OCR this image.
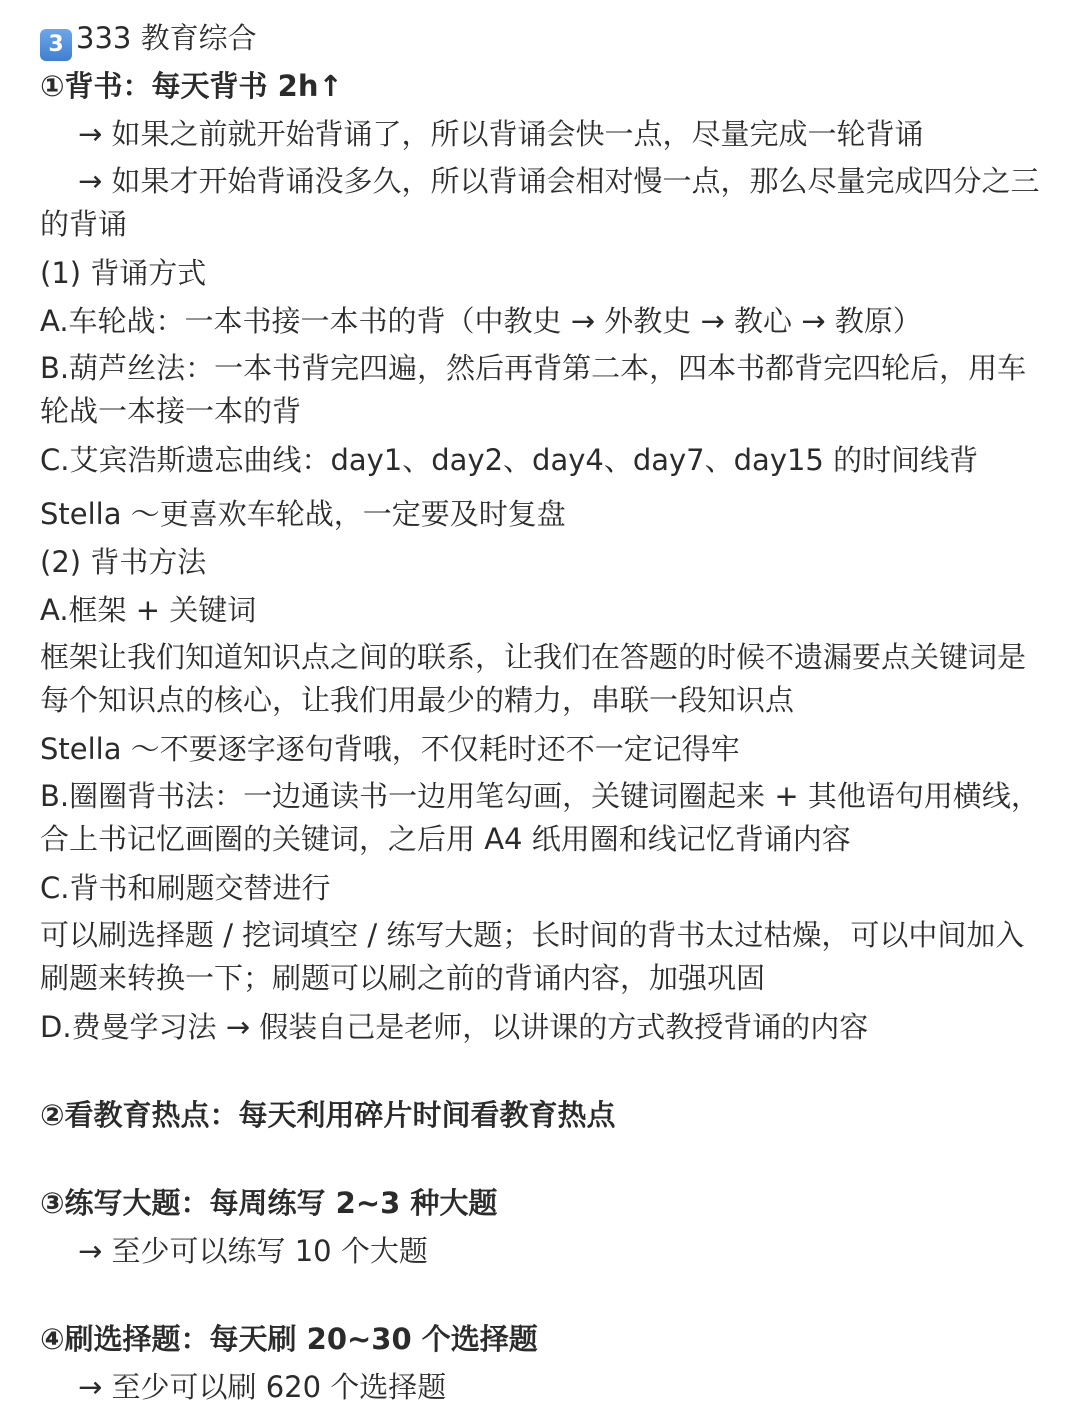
3 333 教育综合
①背书：每天背书 2h↑
→ 如果之前就开始背诵了，所以背诵会快一点，尽量完成一轮背诵
→ 如果才开始背诵没多久，所以背诵会相对慢一点，那么尽量完成四分之三的背诵
(1) 背诵方式
A.车轮战：一本书接一本书的背（中教史 → 外教史 → 教心 → 教原）
B.葫芦丝法：一本书背完四遍，然后再背第二本，四本书都背完四轮后，用车轮战一本接一本的背
C.艾宾浩斯遗忘曲线：day1、day2、day4、day7、day15 的时间线背
Stella ～更喜欢车轮战，一定要及时复盘
(2) 背书方法
A.框架 + 关键词
框架让我们知道知识点之间的联系，让我们在答题的时候不遗漏要点关键词是每个知识点的核心，让我们用最少的精力，串联一段知识点
Stella ～不要逐字逐句背哦，不仅耗时还不一定记得牢
B.圈圈背书法：一边通读书一边用笔勾画，关键词圈起来 + 其他语句用横线，合上书记忆画圈的关键词，之后用 A4 纸用圈和线记忆背诵内容
C.背书和刷题交替进行
可以刷选择题 / 挖词填空 / 练写大题；长时间的背书太过枯燥，可以中间加入刷题来转换一下；刷题可以刷之前的背诵内容，加强巩固
D.费曼学习法 → 假装自己是老师，以讲课的方式教授背诵的内容
②看教育热点：每天利用碎片时间看教育热点
③练写大题：每周练写 2~3 种大题
→ 至少可以练写 10 个大题
④刷选择题：每天刷 20~30 个选择题
→ 至少可以刷 620 个选择题
